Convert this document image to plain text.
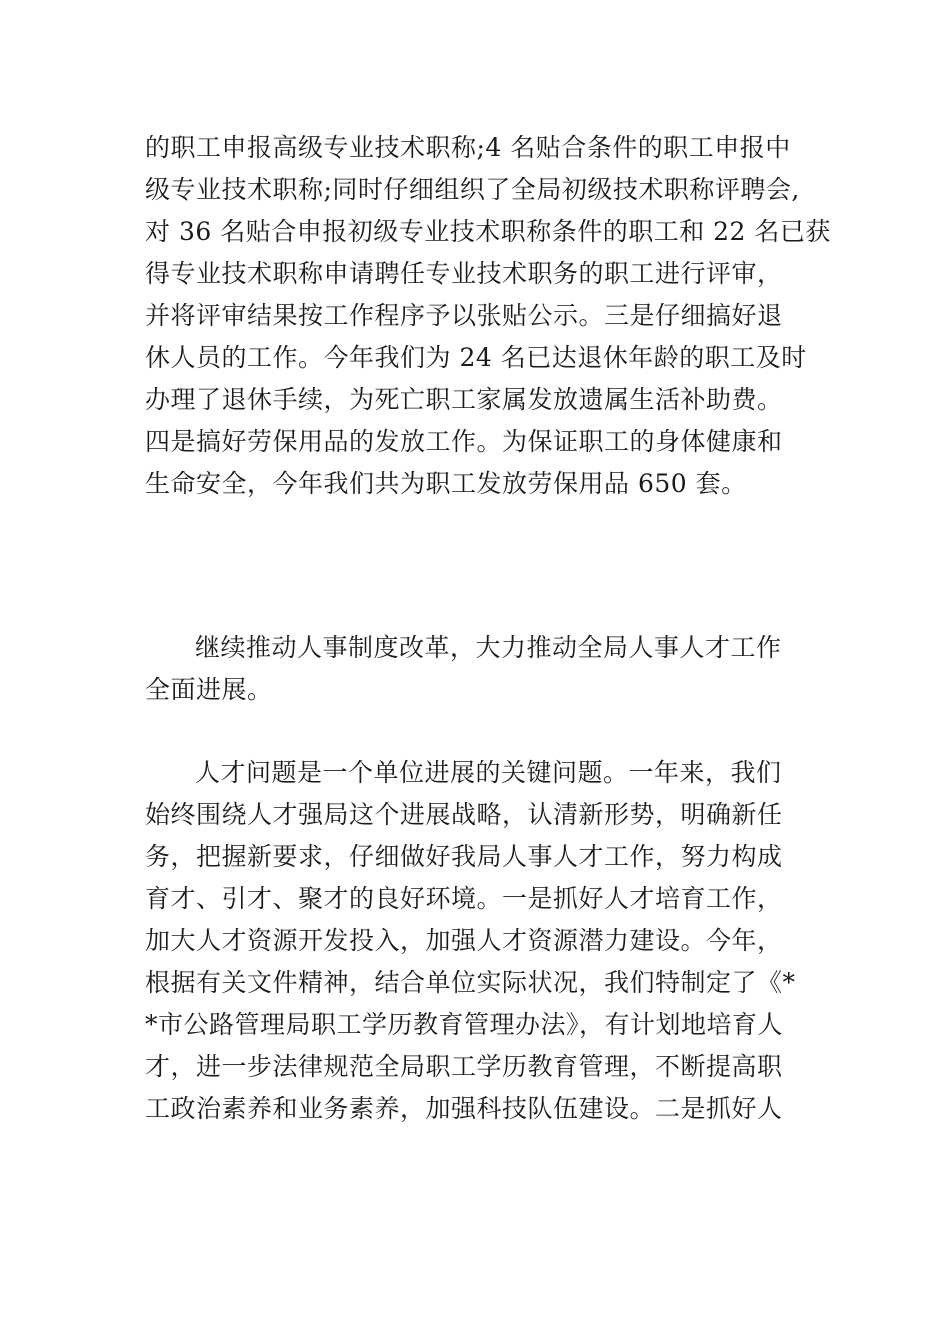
的职工申报高级专业技术职称;4 名贴合条件的职工申报中
级专业技术职称;同时仔细组织了全局初级技术职称评聘会,
对 36 名贴合申报初级专业技术职称条件的职工和 22 名已获
得专业技术职称申请聘任专业技术职务的职工进行评审，
并将评审结果按工作程序予以张贴公示。三是仔细搞好退
休人员的工作。今年我们为 24 名已达退休年龄的职工及时
办理了退休手续，为死亡职工家属发放遗属生活补助费。
四是搞好劳保用品的发放工作。为保证职工的身体健康和
生命安全，今年我们共为职工发放劳保用品 650 套。
继续推动人事制度改革，大力推动全局人事人才工作
全面进展。
人才问题是一个单位进展的关键问题。一年来，我们
始终围绕人才强局这个进展战略，认清新形势，明确新任
务，把握新要求，仔细做好我局人事人才工作，努力构成
育才、引才、聚才的良好环境。一是抓好人才培育工作，
加大人才资源开发投入，加强人才资源潜力建设。今年，
根据有关文件精神，结合单位实际状况，我们特制定了《*
*市公路管理局职工学历教育管理办法》，有计划地培育人
才，进一步法律规范全局职工学历教育管理，不断提高职
工政治素养和业务素养，加强科技队伍建设。二是抓好人
